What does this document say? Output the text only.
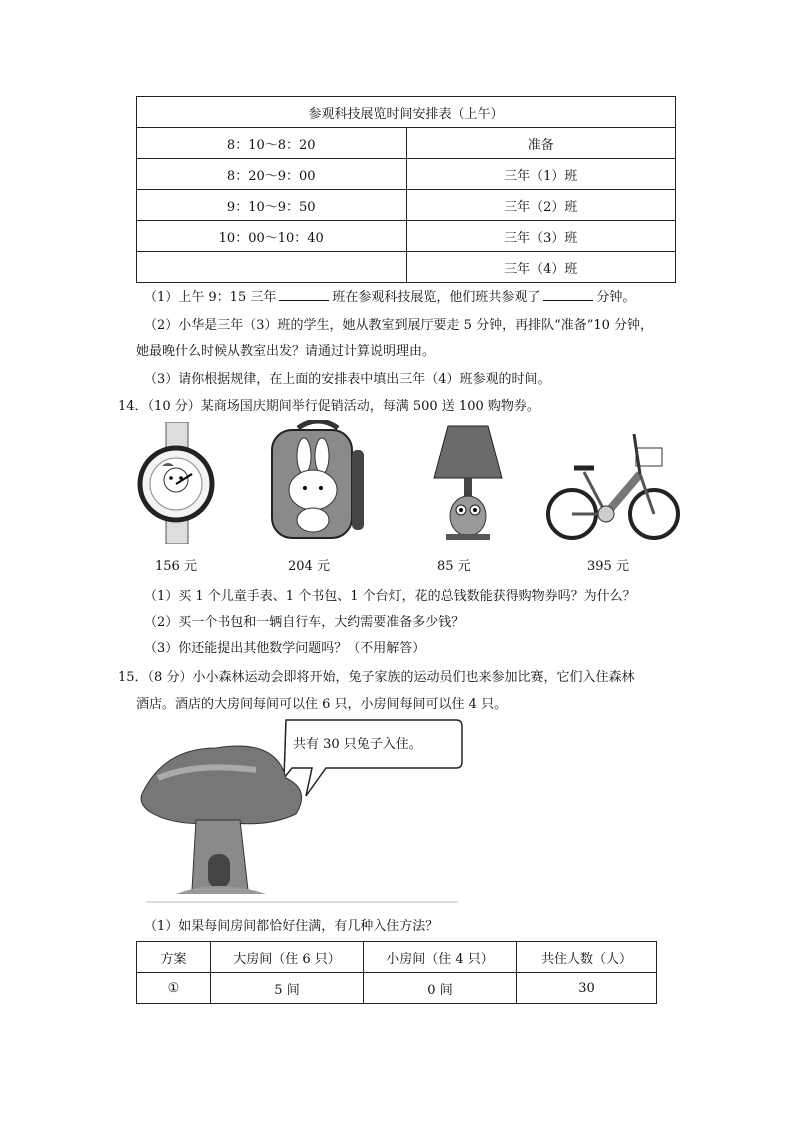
参观科技展览时间安排表（上午）	
8：10～8：20	准备
8：20～9：00	三年（1）班
9：10～9：50	三年（2）班
10：00～10：40	三年（3）班
	三年（4）班
（1）上午 9：15 三年	班在参观科技展览，他们班共参观了	分钟。
（2）小华是三年（3）班的学生，她从教室到展厅要走 5 分钟，再排队“准备”10 分钟，
她最晚什么时候从教室出发？请通过计算说明理由。
（3）请你根据规律，在上面的安排表中填出三年（4）班参观的时间。
14．（10 分）某商场国庆期间举行促销活动，每满 500 送 100 购物券。
156 元	204 元	85 元	395 元
（1）买 1 个儿童手表、1 个书包、1 个台灯，花的总钱数能获得购物券吗？为什么？
（2）买一个书包和一辆自行车，大约需要准备多少钱？
（3）你还能提出其他数学问题吗？（不用解答）
15．（8 分）小小森林运动会即将开始，兔子家族的运动员们也来参加比赛，它们入住森林
酒店。酒店的大房间每间可以住 6 只，小房间每间可以住 4 只。
共有 30 只兔子入住。
（1）如果每间房间都恰好住满，有几种入住方法？
方案	大房间（住 6 只）	小房间（住 4 只）	共住人数（人）
①	5 间	0 间	30
